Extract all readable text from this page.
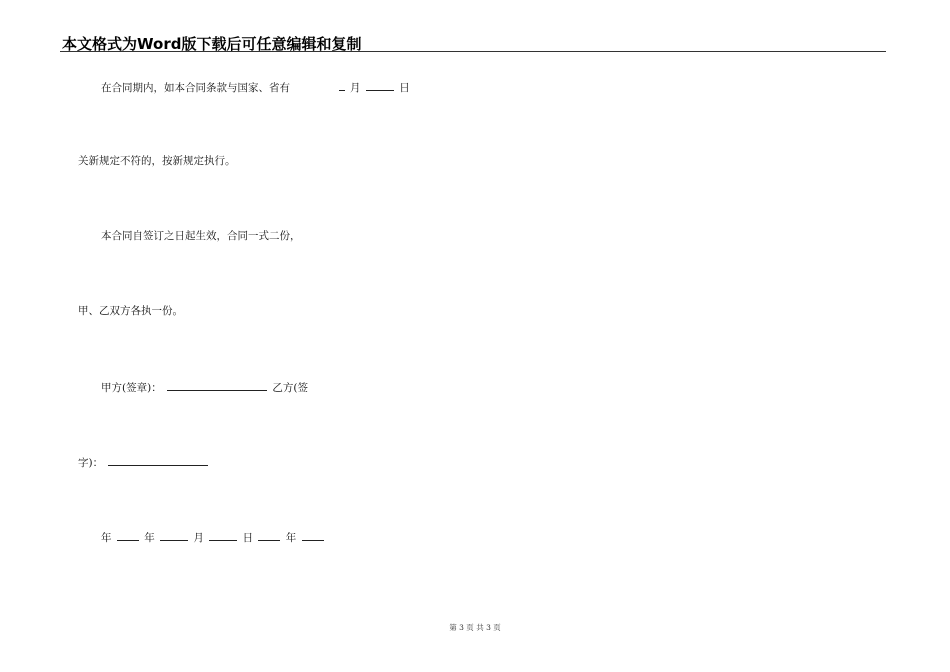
本文格式为Word版下载后可任意编辑和复制
在合同期内，如本合同条款与国家、省有	月	日
关新规定不符的，按新规定执行。
本合同自签订之日起生效，合同一式二份，
甲、乙双方各执一份。
甲方(签章)：	乙方(签
字)：
年	年	月	日	年
第 3 页 共 3 页
